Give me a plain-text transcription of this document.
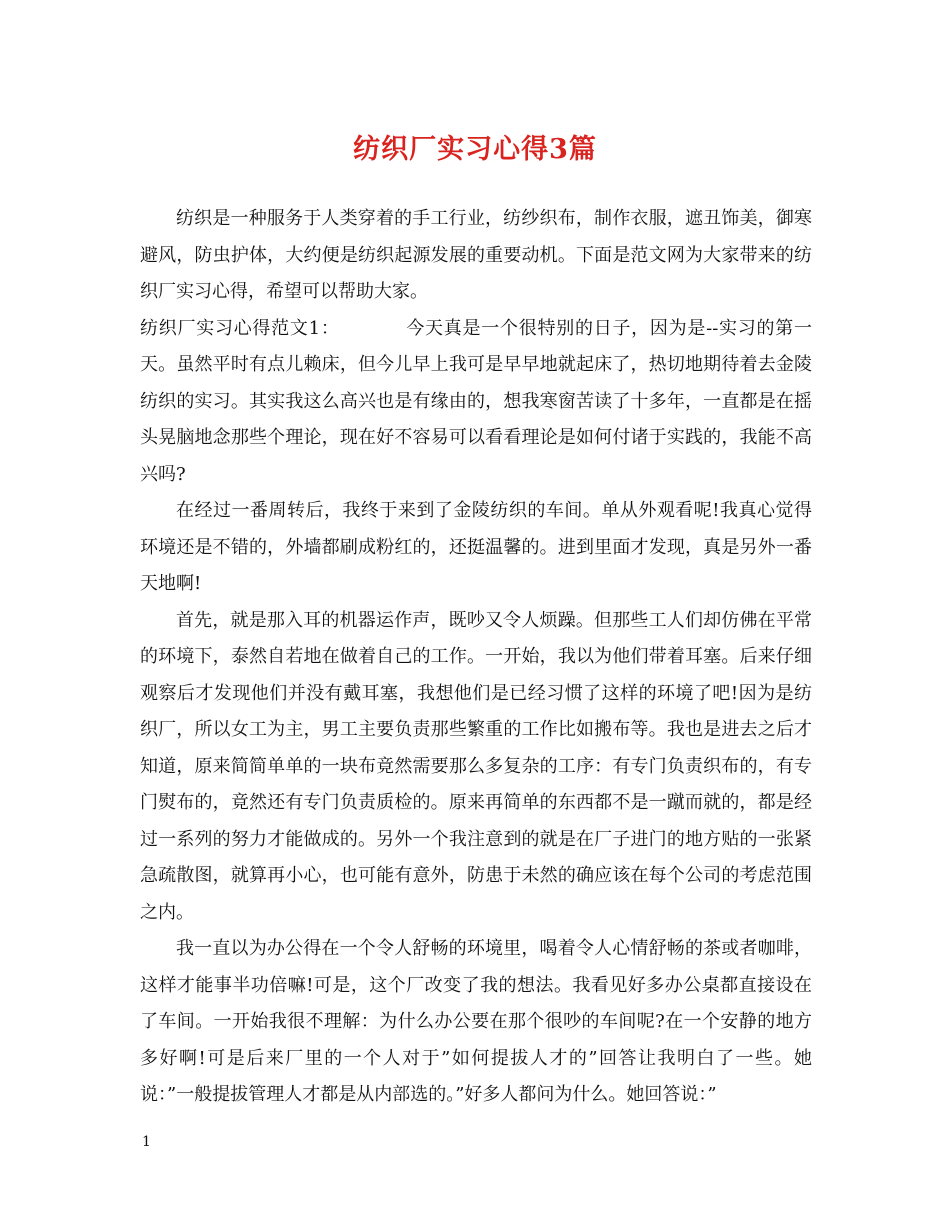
纺织厂实习心得3篇

纺织是一种服务于人类穿着的手工行业，纺纱织布，制作衣服，遮丑饰美，御寒避风，防虫护体，大约便是纺织起源发展的重要动机。下面是范文网为大家带来的纺织厂实习心得，希望可以帮助大家。

纺织厂实习心得范文1：	今天真是一个很特别的日子，因为是--实习的第一天。虽然平时有点儿赖床，但今儿早上我可是早早地就起床了，热切地期待着去金陵纺织的实习。其实我这么高兴也是有缘由的，想我寒窗苦读了十多年，一直都是在摇头晃脑地念那些个理论，现在好不容易可以看看理论是如何付诸于实践的，我能不高兴吗?

在经过一番周转后，我终于来到了金陵纺织的车间。单从外观看呢!我真心觉得环境还是不错的，外墙都刷成粉红的，还挺温馨的。进到里面才发现，真是另外一番天地啊!

首先，就是那入耳的机器运作声，既吵又令人烦躁。但那些工人们却仿佛在平常的环境下，泰然自若地在做着自己的工作。一开始，我以为他们带着耳塞。后来仔细观察后才发现他们并没有戴耳塞，我想他们是已经习惯了这样的环境了吧!因为是纺织厂，所以女工为主，男工主要负责那些繁重的工作比如搬布等。我也是进去之后才知道，原来简简单单的一块布竟然需要那么多复杂的工序：有专门负责织布的，有专门熨布的，竟然还有专门负责质检的。原来再简单的东西都不是一蹴而就的，都是经过一系列的努力才能做成的。另外一个我注意到的就是在厂子进门的地方贴的一张紧急疏散图，就算再小心，也可能有意外，防患于未然的确应该在每个公司的考虑范围之内。

我一直以为办公得在一个令人舒畅的环境里，喝着令人心情舒畅的茶或者咖啡，这样才能事半功倍嘛!可是，这个厂改变了我的想法。我看见好多办公桌都直接设在了车间。一开始我很不理解：为什么办公要在那个很吵的车间呢?在一个安静的地方多好啊!可是后来厂里的一个人对于”如何提拔人才的”回答让我明白了一些。她说：”一般提拔管理人才都是从内部选的。”好多人都问为什么。她回答说：”

1
